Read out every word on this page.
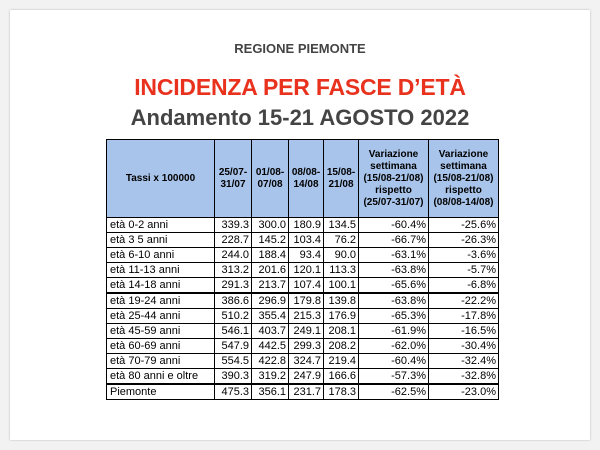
REGIONE PIEMONTE
INCIDENZA PER FASCE D’ETÀ
Andamento 15-21 AGOSTO 2022
Tassi x 100000	25/07-31/07	01/08-07/08	08/08-14/08	15/08-21/08	Variazione settimana (15/08-21/08) rispetto (25/07-31/07)	Variazione settimana (15/08-21/08) rispetto (08/08-14/08)
età 0-2 anni	339.3	300.0	180.9	134.5	-60.4%	-25.6%
età 3 5 anni	228.7	145.2	103.4	76.2	-66.7%	-26.3%
età 6-10 anni	244.0	188.4	93.4	90.0	-63.1%	-3.6%
età 11-13 anni	313.2	201.6	120.1	113.3	-63.8%	-5.7%
età 14-18 anni	291.3	213.7	107.4	100.1	-65.6%	-6.8%
età 19-24 anni	386.6	296.9	179.8	139.8	-63.8%	-22.2%
età 25-44 anni	510.2	355.4	215.3	176.9	-65.3%	-17.8%
età 45-59 anni	546.1	403.7	249.1	208.1	-61.9%	-16.5%
età 60-69 anni	547.9	442.5	299.3	208.2	-62.0%	-30.4%
età 70-79 anni	554.5	422.8	324.7	219.4	-60.4%	-32.4%
età 80 anni e oltre	390.3	319.2	247.9	166.6	-57.3%	-32.8%
Piemonte	475.3	356.1	231.7	178.3	-62.5%	-23.0%
